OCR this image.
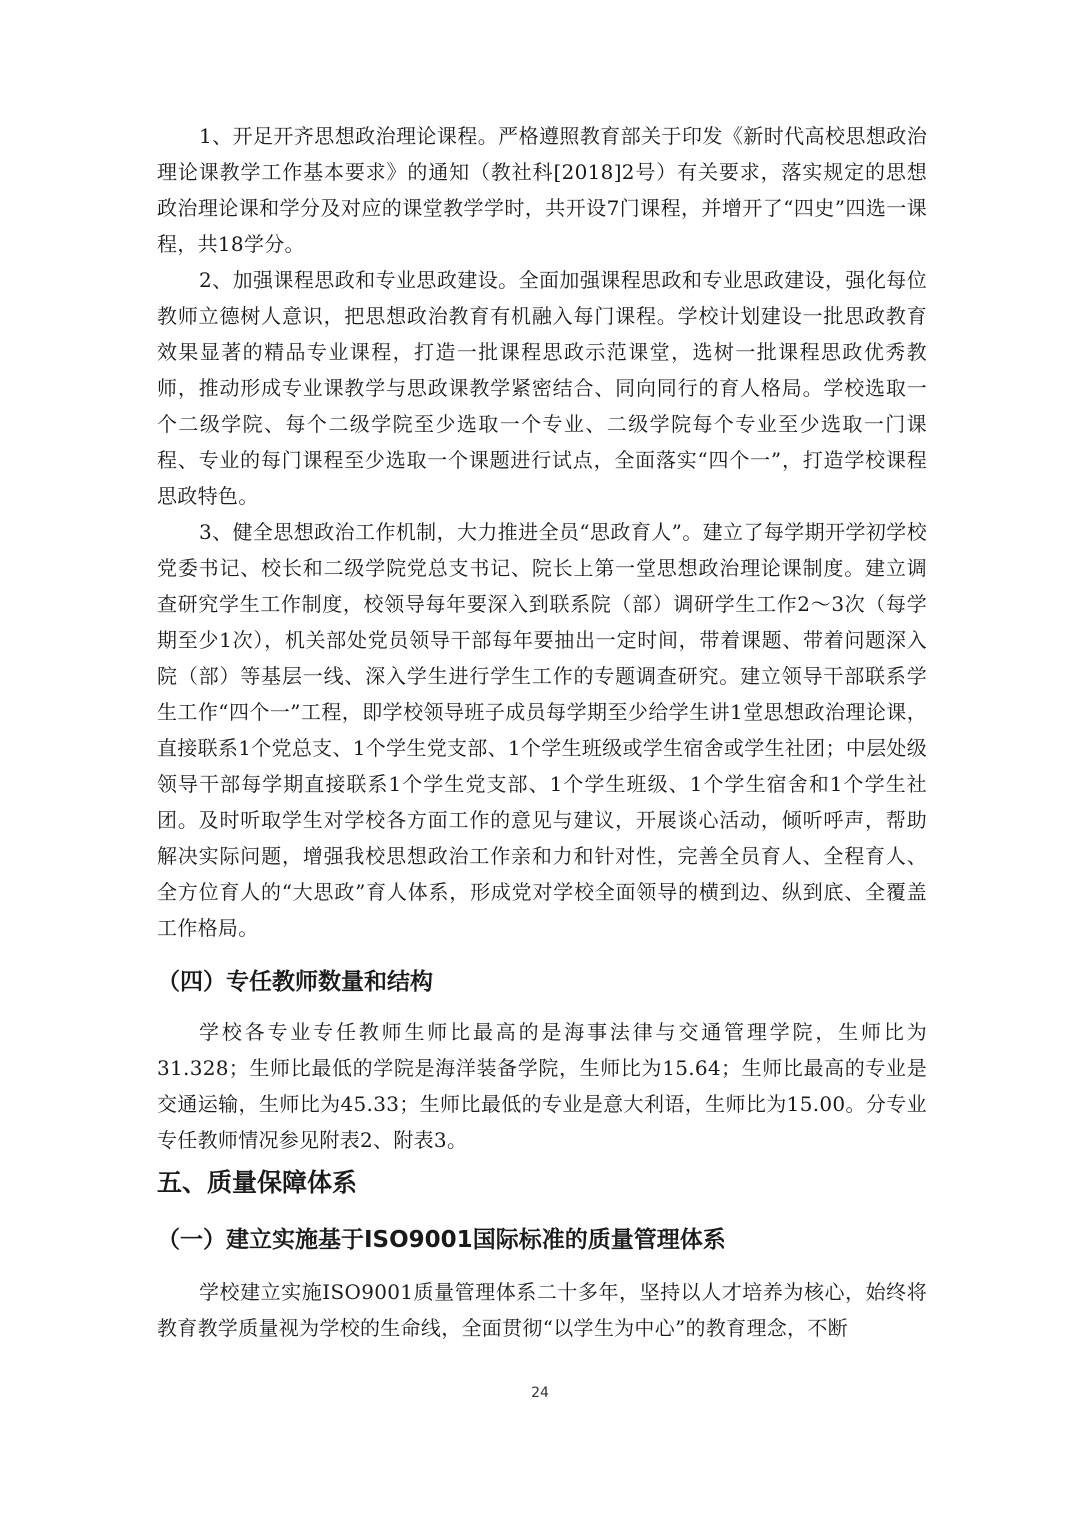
1、开足开齐思想政治理论课程。严格遵照教育部关于印发《新时代高校思想政治理论课教学工作基本要求》的通知（教社科[2018]2号）有关要求，落实规定的思想政治理论课和学分及对应的课堂教学学时，共开设7门课程，并增开了“四史”四选一课程，共18学分。

2、加强课程思政和专业思政建设。全面加强课程思政和专业思政建设，强化每位教师立德树人意识，把思想政治教育有机融入每门课程。学校计划建设一批思政教育效果显著的精品专业课程，打造一批课程思政示范课堂，选树一批课程思政优秀教师，推动形成专业课教学与思政课教学紧密结合、同向同行的育人格局。学校选取一个二级学院、每个二级学院至少选取一个专业、二级学院每个专业至少选取一门课程、专业的每门课程至少选取一个课题进行试点，全面落实“四个一”，打造学校课程思政特色。

3、健全思想政治工作机制，大力推进全员“思政育人”。建立了每学期开学初学校党委书记、校长和二级学院党总支书记、院长上第一堂思想政治理论课制度。建立调查研究学生工作制度，校领导每年要深入到联系院（部）调研学生工作2～3次（每学期至少1次），机关部处党员领导干部每年要抽出一定时间，带着课题、带着问题深入院（部）等基层一线、深入学生进行学生工作的专题调查研究。建立领导干部联系学生工作“四个一”工程，即学校领导班子成员每学期至少给学生讲1堂思想政治理论课，直接联系1个党总支、1个学生党支部、1个学生班级或学生宿舍或学生社团；中层处级领导干部每学期直接联系1个学生党支部、1个学生班级、1个学生宿舍和1个学生社团。及时听取学生对学校各方面工作的意见与建议，开展谈心活动，倾听呼声，帮助解决实际问题，增强我校思想政治工作亲和力和针对性，完善全员育人、全程育人、全方位育人的“大思政”育人体系，形成党对学校全面领导的横到边、纵到底、全覆盖工作格局。

（四）专任教师数量和结构

学校各专业专任教师生师比最高的是海事法律与交通管理学院，生师比为31.328；生师比最低的学院是海洋装备学院，生师比为15.64；生师比最高的专业是交通运输，生师比为45.33；生师比最低的专业是意大利语，生师比为15.00。分专业专任教师情况参见附表2、附表3。

五、质量保障体系
（一）建立实施基于ISO9001国际标准的质量管理体系

学校建立实施ISO9001质量管理体系二十多年，坚持以人才培养为核心，始终将教育教学质量视为学校的生命线，全面贯彻“以学生为中心”的教育理念，不断

24
